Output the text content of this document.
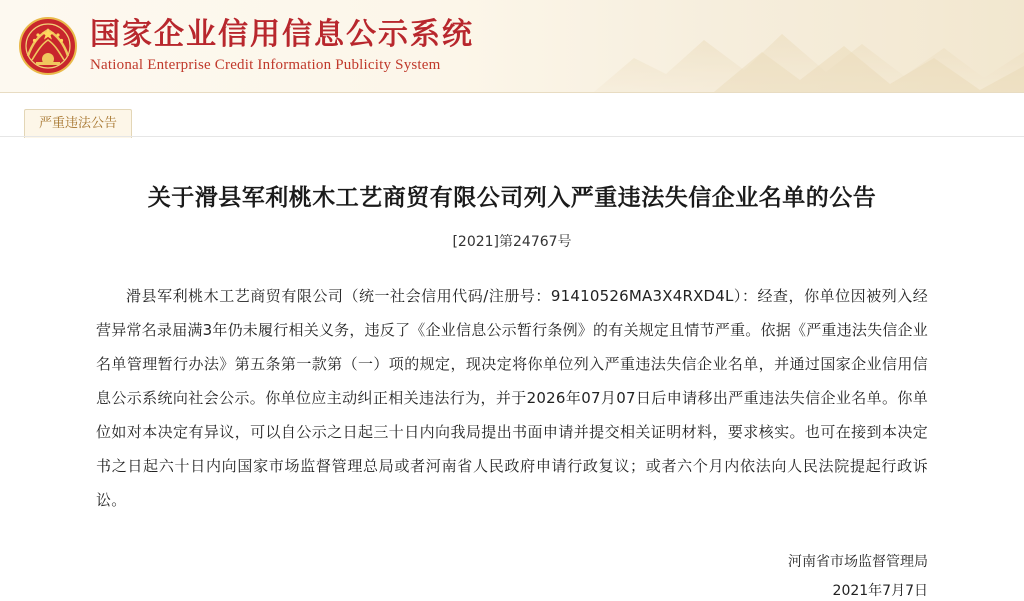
国家企业信用信息公示系统
National Enterprise Credit Information Publicity System
严重违法公告
关于滑县军利桃木工艺商贸有限公司列入严重违法失信企业名单的公告
[2021]第24767号
滑县军利桃木工艺商贸有限公司（统一社会信用代码/注册号：91410526MA3X4RXD4L）：经查，你单位因被列入经营异常名录届满3年仍未履行相关义务，违反了《企业信息公示暂行条例》的有关规定且情节严重。依据《严重违法失信企业名单管理暂行办法》第五条第一款第（一）项的规定，现决定将你单位列入严重违法失信企业名单，并通过国家企业信用信息公示系统向社会公示。你单位应主动纠正相关违法行为，并于2026年07月07日后申请移出严重违法失信企业名单。你单位如对本决定有异议，可以自公示之日起三十日内向我局提出书面申请并提交相关证明材料，要求核实。也可在接到本决定书之日起六十日内向国家市场监督管理总局或者河南省人民政府申请行政复议；或者六个月内依法向人民法院提起行政诉讼。
河南省市场监督管理局
2021年7月7日
